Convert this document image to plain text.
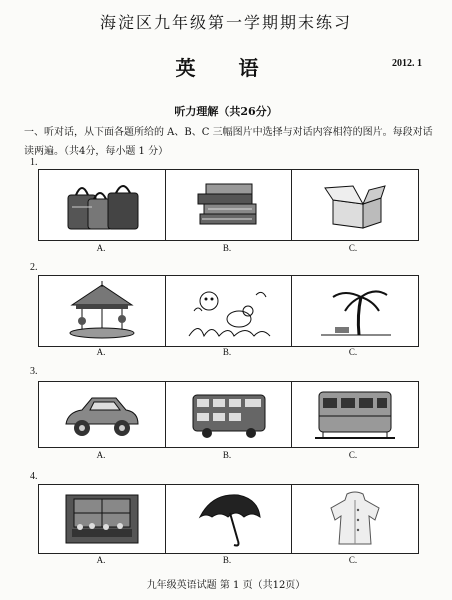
海淀区九年级第一学期期末练习
英 语	2012. 1
听力理解（共26分）
一、听对话，从下面各题所给的 A、B、C 三幅图片中选择与对话内容相符的图片。每段对话读两遍。（共4分，每小题 1 分）
1.
A.	B.	C.
2.
A.	B.	C.
3.
A.	B.	C.
4.
A.	B.	C.
九年级英语试题 第 1 页（共12页）
